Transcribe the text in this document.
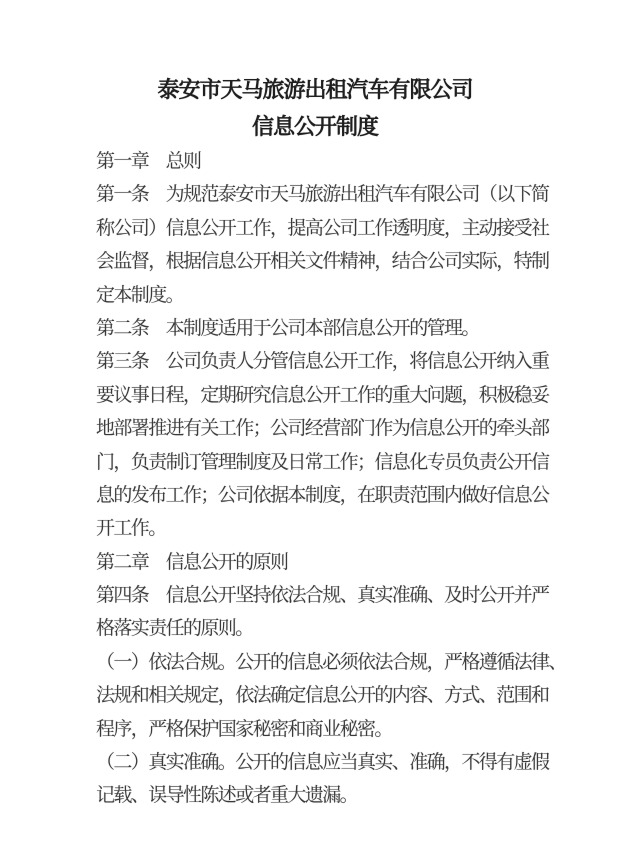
泰安市天马旅游出租汽车有限公司
信息公开制度
第一章　总则
第一条　为规范泰安市天马旅游出租汽车有限公司（以下简
称公司）信息公开工作，提高公司工作透明度，主动接受社
会监督，根据信息公开相关文件精神，结合公司实际，特制
定本制度。
第二条　本制度适用于公司本部信息公开的管理。
第三条　公司负责人分管信息公开工作，将信息公开纳入重
要议事日程，定期研究信息公开工作的重大问题，积极稳妥
地部署推进有关工作；公司经营部门作为信息公开的牵头部
门，负责制订管理制度及日常工作；信息化专员负责公开信
息的发布工作；公司依据本制度，在职责范围内做好信息公
开工作。
第二章　信息公开的原则
第四条　信息公开坚持依法合规、真实准确、及时公开并严
格落实责任的原则。
（一）依法合规。公开的信息必须依法合规，严格遵循法律、
法规和相关规定，依法确定信息公开的内容、方式、范围和
程序，严格保护国家秘密和商业秘密。
（二）真实准确。公开的信息应当真实、准确，不得有虚假
记载、误导性陈述或者重大遗漏。
